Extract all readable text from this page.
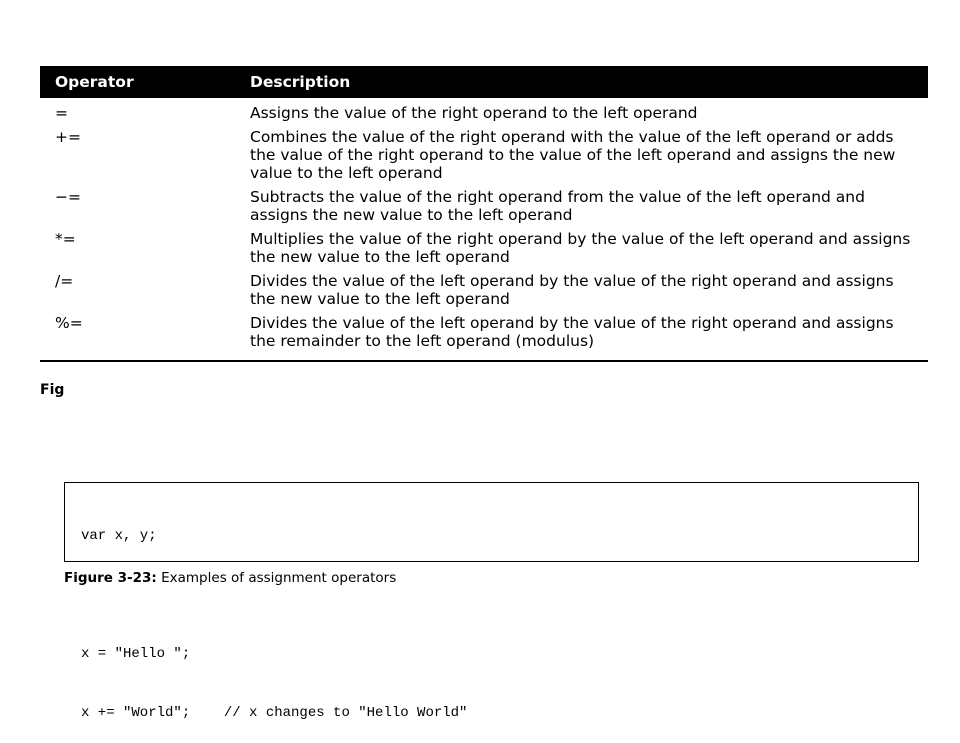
Operator	Description
=	Assigns the value of the right operand to the left operand
+=	Combines the value of the right operand with the value of the left operand or adds the value of the right operand to the value of the left operand and assigns the new value to the left operand
−=	Subtracts the value of the right operand from the value of the left operand and assigns the new value to the left operand
*=	Multiplies the value of the right operand by the value of the left operand and assigns the new value to the left operand
/=	Divides the value of the left operand by the value of the right operand and assigns the new value to the left operand
%=	Divides the value of the left operand by the value of the right operand and assigns the remainder to the left operand (modulus)
Fig

var x, y;

x = "Hello ";

x += "World";    // x changes to "Hello World"

Figure 3-23: Examples of assignment operators
